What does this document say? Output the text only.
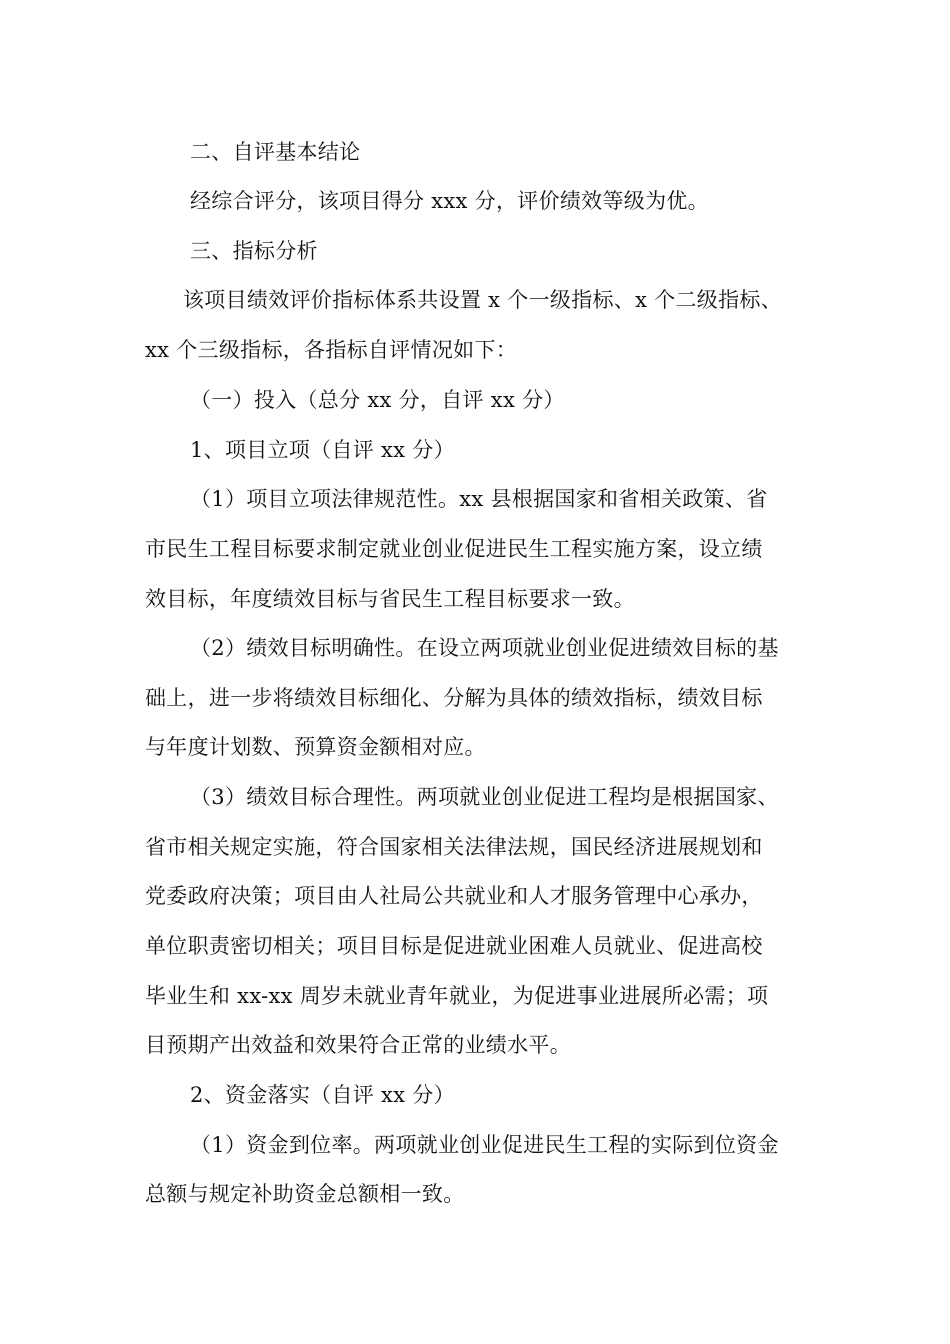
二、自评基本结论
经综合评分，该项目得分 xxx 分，评价绩效等级为优。
三、指标分析
该项目绩效评价指标体系共设置 x 个一级指标、x 个二级指标、
xx 个三级指标，各指标自评情况如下：
（一）投入（总分 xx 分，自评 xx 分）
1、项目立项（自评 xx 分）
（1）项目立项法律规范性。xx 县根据国家和省相关政策、省
市民生工程目标要求制定就业创业促进民生工程实施方案，设立绩
效目标，年度绩效目标与省民生工程目标要求一致。
（2）绩效目标明确性。在设立两项就业创业促进绩效目标的基
础上，进一步将绩效目标细化、分解为具体的绩效指标，绩效目标
与年度计划数、预算资金额相对应。
（3）绩效目标合理性。两项就业创业促进工程均是根据国家、
省市相关规定实施，符合国家相关法律法规，国民经济进展规划和
党委政府决策；项目由人社局公共就业和人才服务管理中心承办，
单位职责密切相关；项目目标是促进就业困难人员就业、促进高校
毕业生和 xx-xx 周岁未就业青年就业，为促进事业进展所必需；项
目预期产出效益和效果符合正常的业绩水平。
2、资金落实（自评 xx 分）
（1）资金到位率。两项就业创业促进民生工程的实际到位资金
总额与规定补助资金总额相一致。
